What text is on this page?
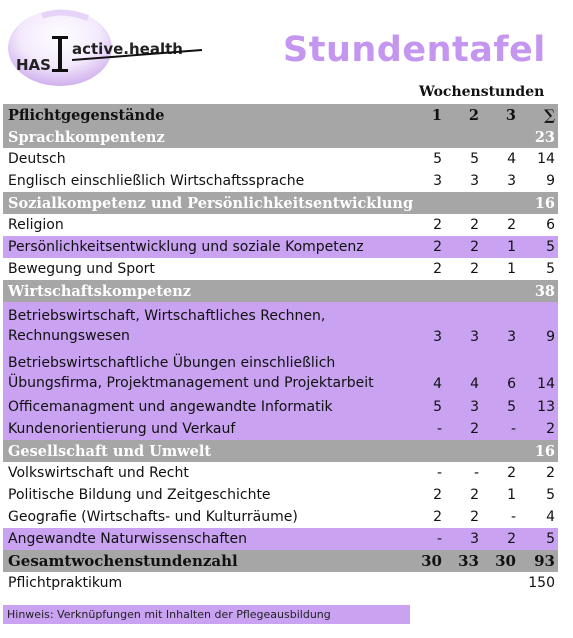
HAS
active.health	Stundentafel
Wochenstunden
Pflichtgegenstände	1	2	3	∑
Sprachkompentenz				23
Deutsch	5	5	4	14
Englisch einschließlich Wirtschaftssprache	3	3	3	9
Sozialkompetenz und Persönlichkeitsentwicklung				16
Religion	2	2	2	6
Persönlichkeitsentwicklung und soziale Kompetenz	2	2	1	5
Bewegung und Sport	2	2	1	5
Wirtschaftskompetenz				38
Betriebswirtschaft, Wirtschaftliches Rechnen, Rechnungswesen	3	3	3	9
Betriebswirtschaftliche Übungen einschließlich Übungsfirma, Projektmanagement und Projektarbeit	4	4	6	14
Officemanagment und angewandte Informatik	5	3	5	13
Kundenorientierung und Verkauf	-	2	-	2
Gesellschaft und Umwelt				16
Volkswirtschaft und Recht	-	-	2	2
Politische Bildung und Zeitgeschichte	2	2	1	5
Geografie (Wirtschafts- und Kulturräume)	2	2	-	4
Angewandte Naturwissenschaften	-	3	2	5
Gesamtwochenstundenzahl	30	33	30	93
Pflichtpraktikum				150
Hinweis: Verknüpfungen mit Inhalten der Pflegeausbildung
